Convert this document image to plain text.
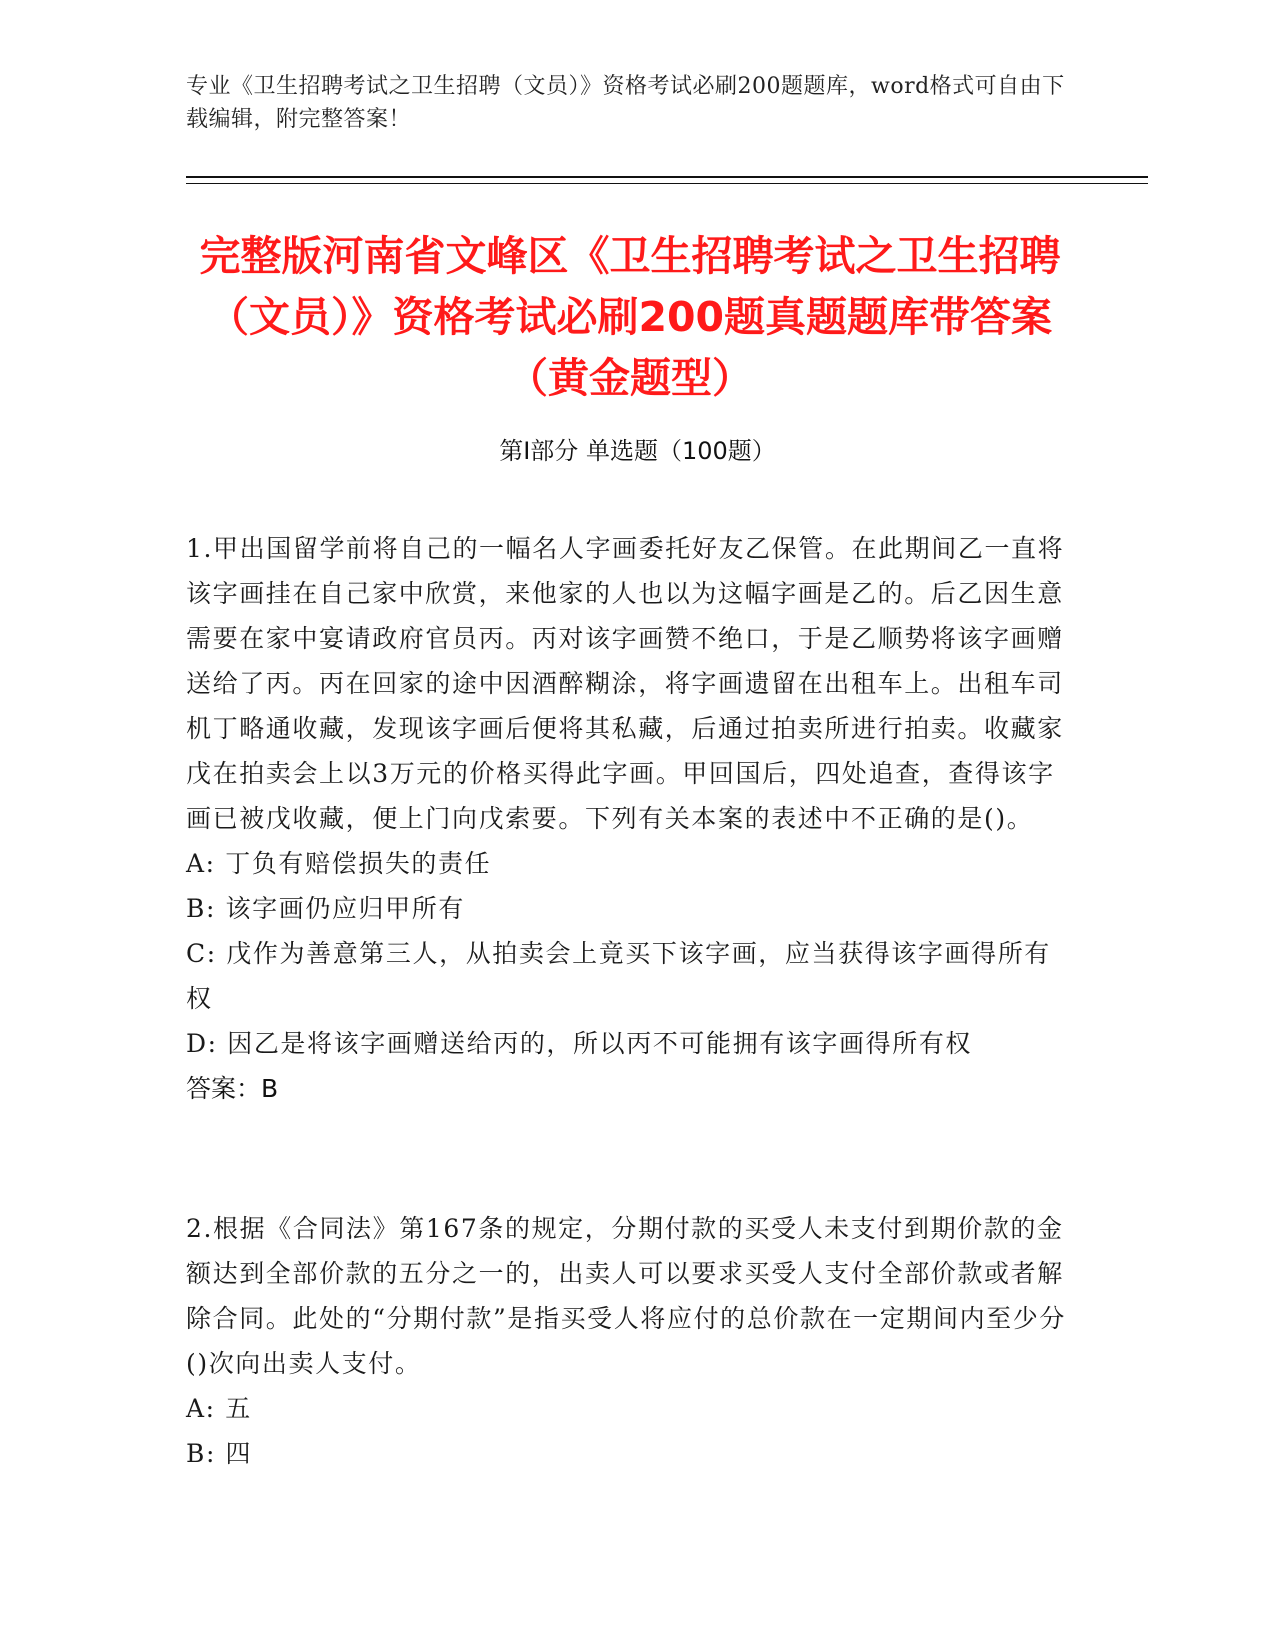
专业《卫生招聘考试之卫生招聘（文员）》资格考试必刷200题题库，word格式可自由下载编辑，附完整答案！
完整版河南省文峰区《卫生招聘考试之卫生招聘（文员）》资格考试必刷200题真题题库带答案（黄金题型）
第Ⅰ部分 单选题（100题）

1.甲出国留学前将自己的一幅名人字画委托好友乙保管。在此期间乙一直将该字画挂在自己家中欣赏，来他家的人也以为这幅字画是乙的。后乙因生意需要在家中宴请政府官员丙。丙对该字画赞不绝口，于是乙顺势将该字画赠送给了丙。丙在回家的途中因酒醉糊涂，将字画遗留在出租车上。出租车司机丁略通收藏，发现该字画后便将其私藏，后通过拍卖所进行拍卖。收藏家戊在拍卖会上以3万元的价格买得此字画。甲回国后，四处追查，查得该字画已被戊收藏，便上门向戊索要。下列有关本案的表述中不正确的是()。

A: 丁负有赔偿损失的责任

B: 该字画仍应归甲所有

C: 戊作为善意第三人，从拍卖会上竟买下该字画，应当获得该字画得所有权

D: 因乙是将该字画赠送给丙的，所以丙不可能拥有该字画得所有权

答案：B

2.根据《合同法》第167条的规定，分期付款的买受人未支付到期价款的金额达到全部价款的五分之一的，出卖人可以要求买受人支付全部价款或者解除合同。此处的“分期付款”是指买受人将应付的总价款在一定期间内至少分()次向出卖人支付。

A: 五

B: 四
